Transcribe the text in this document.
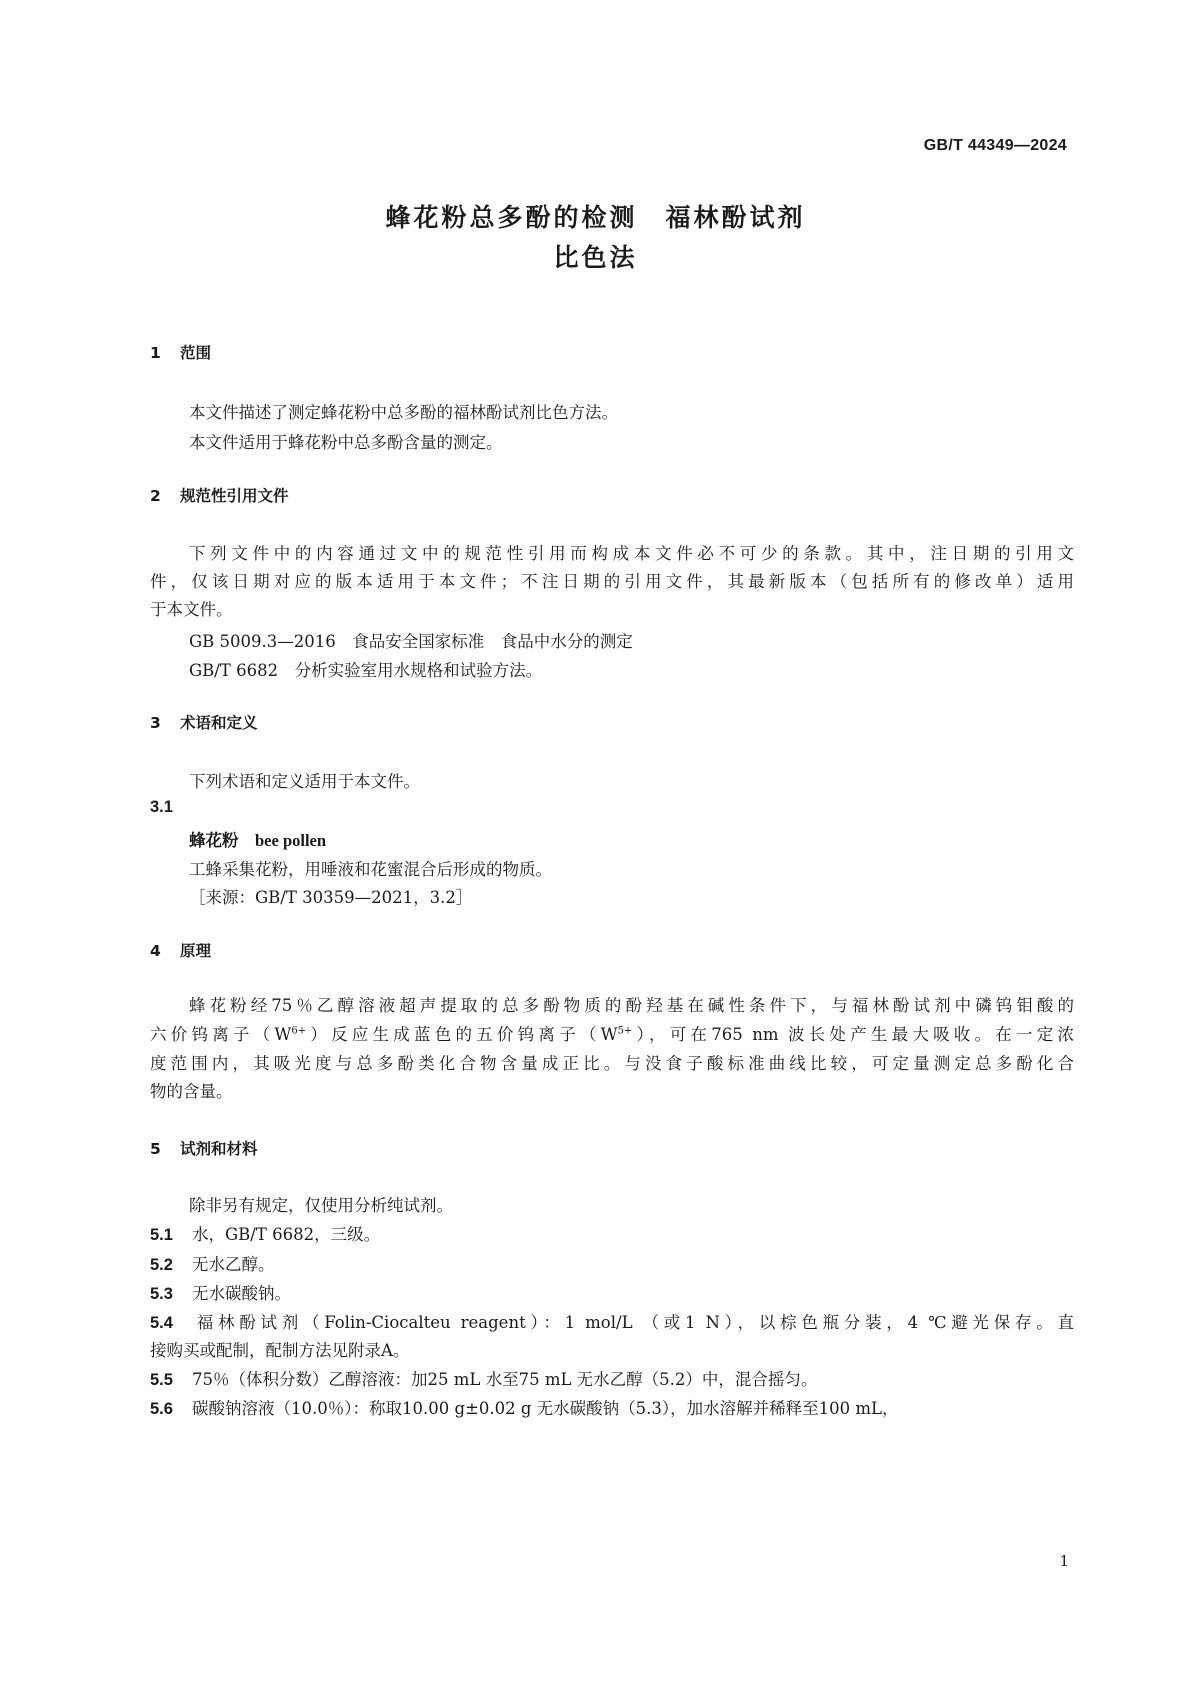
GB/T 44349—2024
蜂花粉总多酚的检测　福林酚试剂
比色法
1 范围
本文件描述了测定蜂花粉中总多酚的福林酚试剂比色方法。
本文件适用于蜂花粉中总多酚含量的测定。
2 规范性引用文件
下列文件中的内容通过文中的规范性引用而构成本文件必不可少的条款。其中，注日期的引用文
件，仅该日期对应的版本适用于本文件；不注日期的引用文件，其最新版本（包括所有的修改单）适用
于本文件。
GB 5009.3—2016　食品安全国家标准　食品中水分的测定
GB/T 6682　分析实验室用水规格和试验方法。
3 术语和定义
下列术语和定义适用于本文件。
3.1
蜂花粉　 bee pollen
工蜂采集花粉，用唾液和花蜜混合后形成的物质。
［来源：GB/T 30359—2021，3.2］
4 原理
蜂花粉经75％乙醇溶液超声提取的总多酚物质的酚羟基在碱性条件下，与福林酚试剂中磷钨钼酸的
六价钨离子$(W^{6+})$反应生成蓝色的五价钨离子$(W^{5+})$，可在765 nm 波长处产生最大吸收。在一定浓
度范围内，其吸光度与总多酚类化合物含量成正比。与没食子酸标准曲线比较，可定量测定总多酚化合
物的含量。
5 试剂和材料
除非另有规定，仅使用分析纯试剂。
5.1 水，GB/T 6682，三级。
5.2 无水乙醇。
5.3 无水碳酸钠。
5.4 福林酚试剂（Folin-Ciocalteu reagent）：1 mol/L （或1 N），以棕色瓶分装，4 ℃避光保存。直
接购买或配制，配制方法见附录A。
5.5 75％（体积分数）乙醇溶液：加25 mL 水至75 mL 无水乙醇（5.2）中，混合摇匀。
5.6 碳酸钠溶液（10.0％）：称取10.00 g±0.02 g 无水碳酸钠（5.3），加水溶解并稀释至100 mL，
1
